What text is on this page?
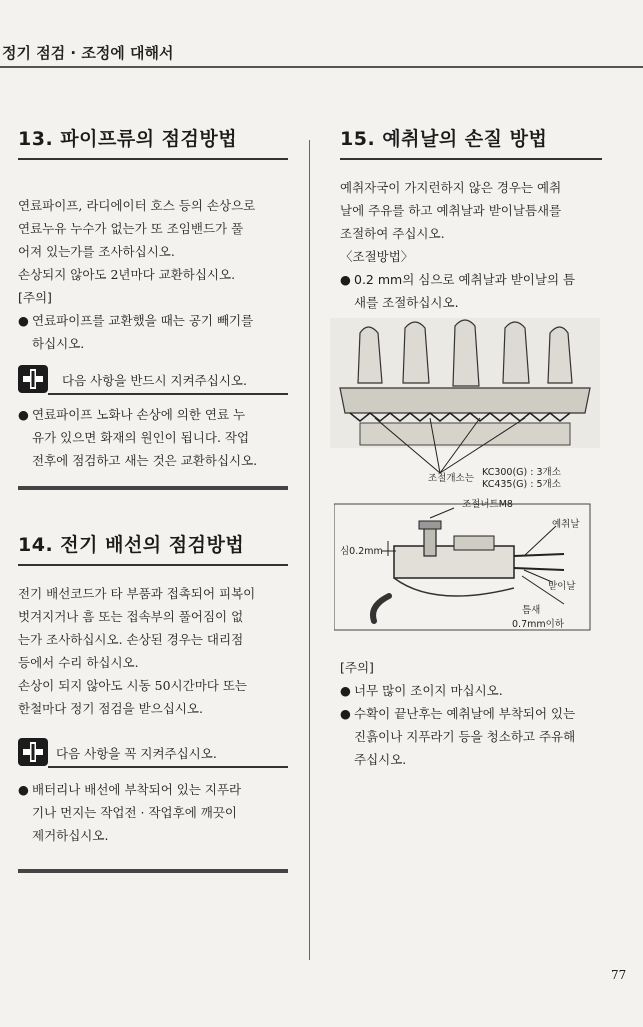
정기 점검 · 조정에 대해서
13. 파이프류의 점검방법
연료파이프, 라디에이터 호스 등의 손상으로
연료누유 누수가 없는가 또 조임밴드가 풀
어져 있는가를 조사하십시오.
손상되지 않아도 2년마다 교환하십시오.
[주의]
● 연료파이프를 교환했을 때는 공기 빼기를
하십시오.
다음 사항을 반드시 지켜주십시오.
● 연료파이프 노화나 손상에 의한 연료 누
유가 있으면 화재의 원인이 됩니다. 작업
전후에 점검하고 새는 것은 교환하십시오.
14. 전기 배선의 점검방법
전기 배선코드가 타 부품과 접촉되어 피복이
벗겨지거나 흠 또는 접속부의 풀어짐이 없
는가 조사하십시오. 손상된 경우는 대리점
등에서 수리 하십시오.
손상이 되지 않아도 시동 50시간마다 또는
한철마다 정기 점검을 받으십시오.
다음 사항을 꼭 지켜주십시오.
● 배터리나 배선에 부착되어 있는 지푸라
기나 먼지는 작업전 · 작업후에 깨끗이
제거하십시오.
15. 예취날의 손질 방법
예취자국이 가지런하지 않은 경우는 예취
날에 주유를 하고 예취날과 받이날틈새를
조절하여 주십시오.
〈조절방법〉
● 0.2 mm의 심으로 예취날과 받이날의 틈
새를 조절하십시오.
조절개소는
KC300(G) : 3개소
KC435(G) : 5개소
조절너트M8
심0.2mm
예취날
받이날
틈새
0.7mm이하
[주의]
● 너무 많이 조이지 마십시오.
● 수확이 끝난후는 예취날에 부착되어 있는
진흙이나 지푸라기 등을 청소하고 주유해
주십시오.
77
